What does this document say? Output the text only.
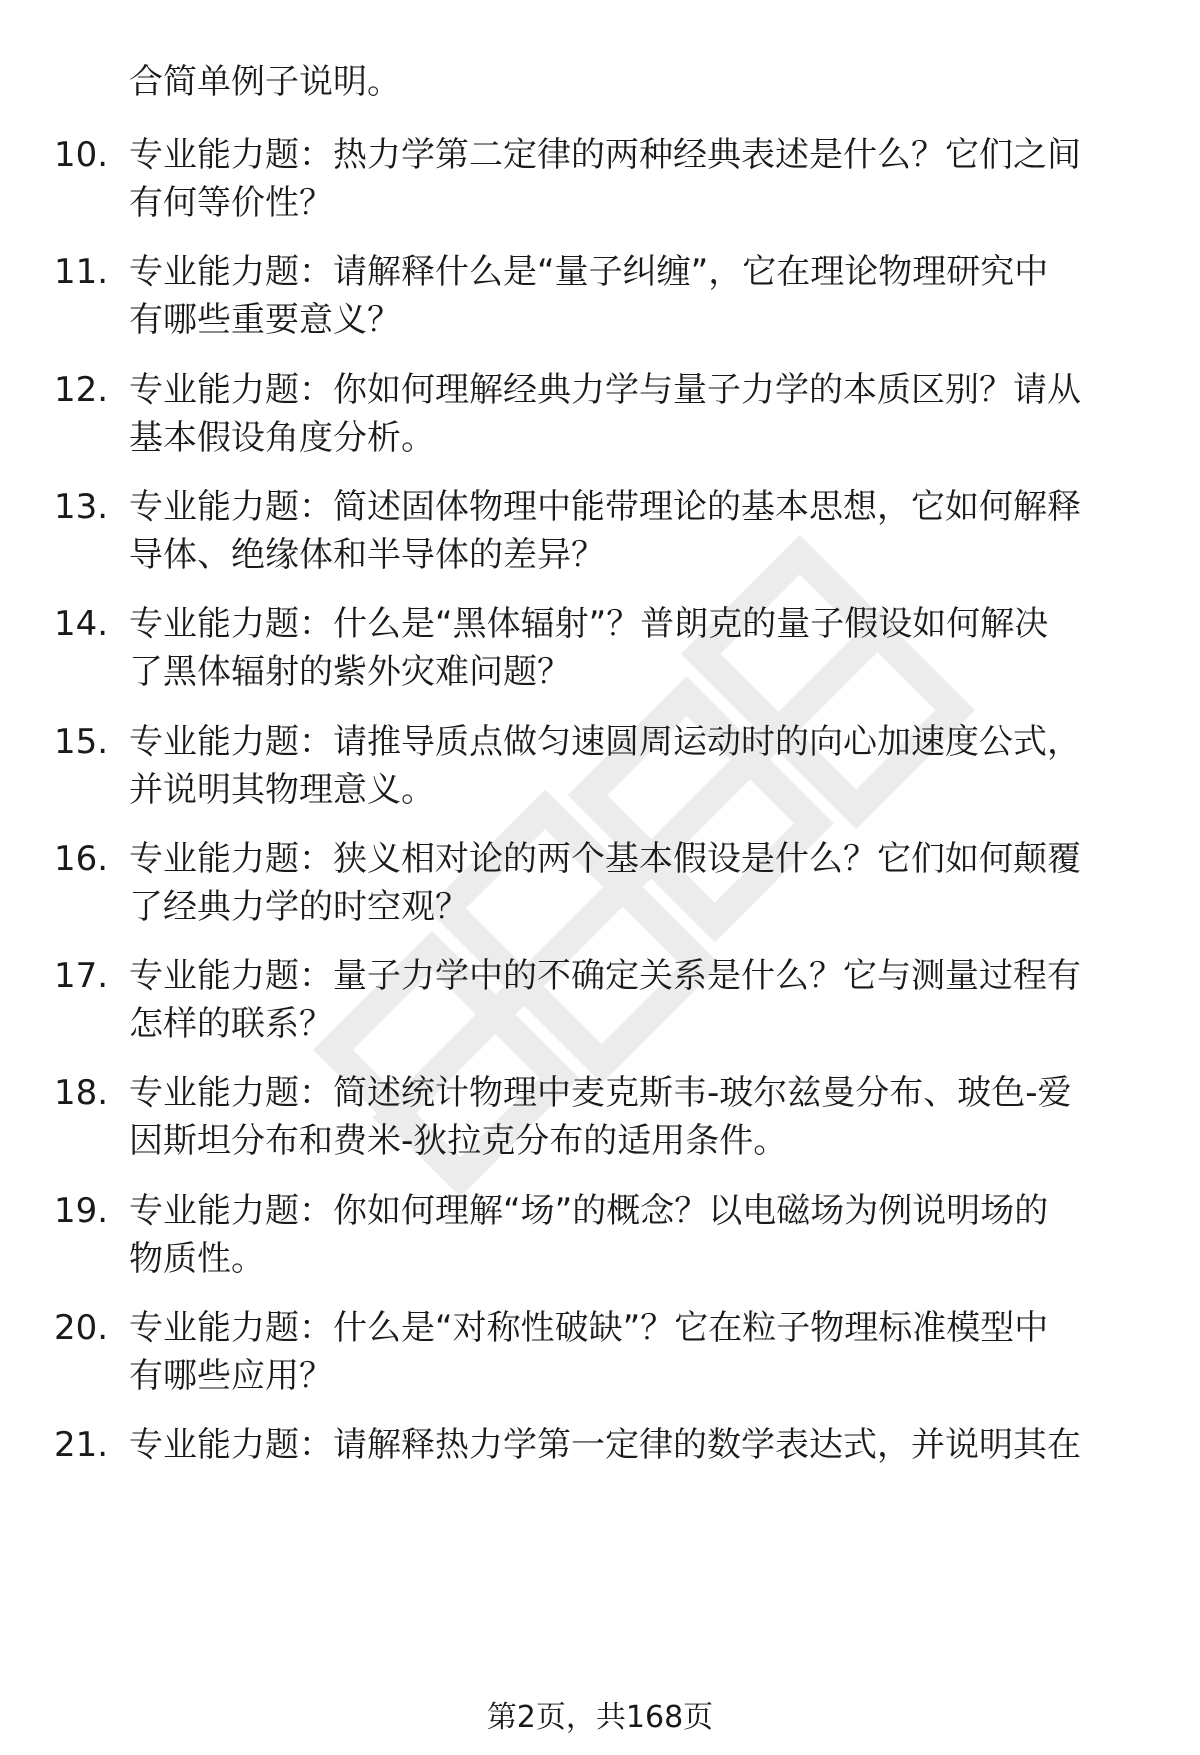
合简单例子说明。
10. 专业能力题：热力学第二定律的两种经典表述是什么？它们之间
有何等价性？
11. 专业能力题：请解释什么是“量子纠缠”，它在理论物理研究中
有哪些重要意义？
12. 专业能力题：你如何理解经典力学与量子力学的本质区别？请从
基本假设角度分析。
13. 专业能力题：简述固体物理中能带理论的基本思想，它如何解释
导体、绝缘体和半导体的差异？
14. 专业能力题：什么是“黑体辐射”？普朗克的量子假设如何解决
了黑体辐射的紫外灾难问题？
15. 专业能力题：请推导质点做匀速圆周运动时的向心加速度公式，
并说明其物理意义。
16. 专业能力题：狭义相对论的两个基本假设是什么？它们如何颠覆
了经典力学的时空观？
17. 专业能力题：量子力学中的不确定关系是什么？它与测量过程有
怎样的联系？
18. 专业能力题：简述统计物理中麦克斯韦-玻尔兹曼分布、玻色-爱
因斯坦分布和费米-狄拉克分布的适用条件。
19. 专业能力题：你如何理解“场”的概念？以电磁场为例说明场的
物质性。
20. 专业能力题：什么是“对称性破缺”？它在粒子物理标准模型中
有哪些应用？
21. 专业能力题：请解释热力学第一定律的数学表达式，并说明其在
第2页，共168页
